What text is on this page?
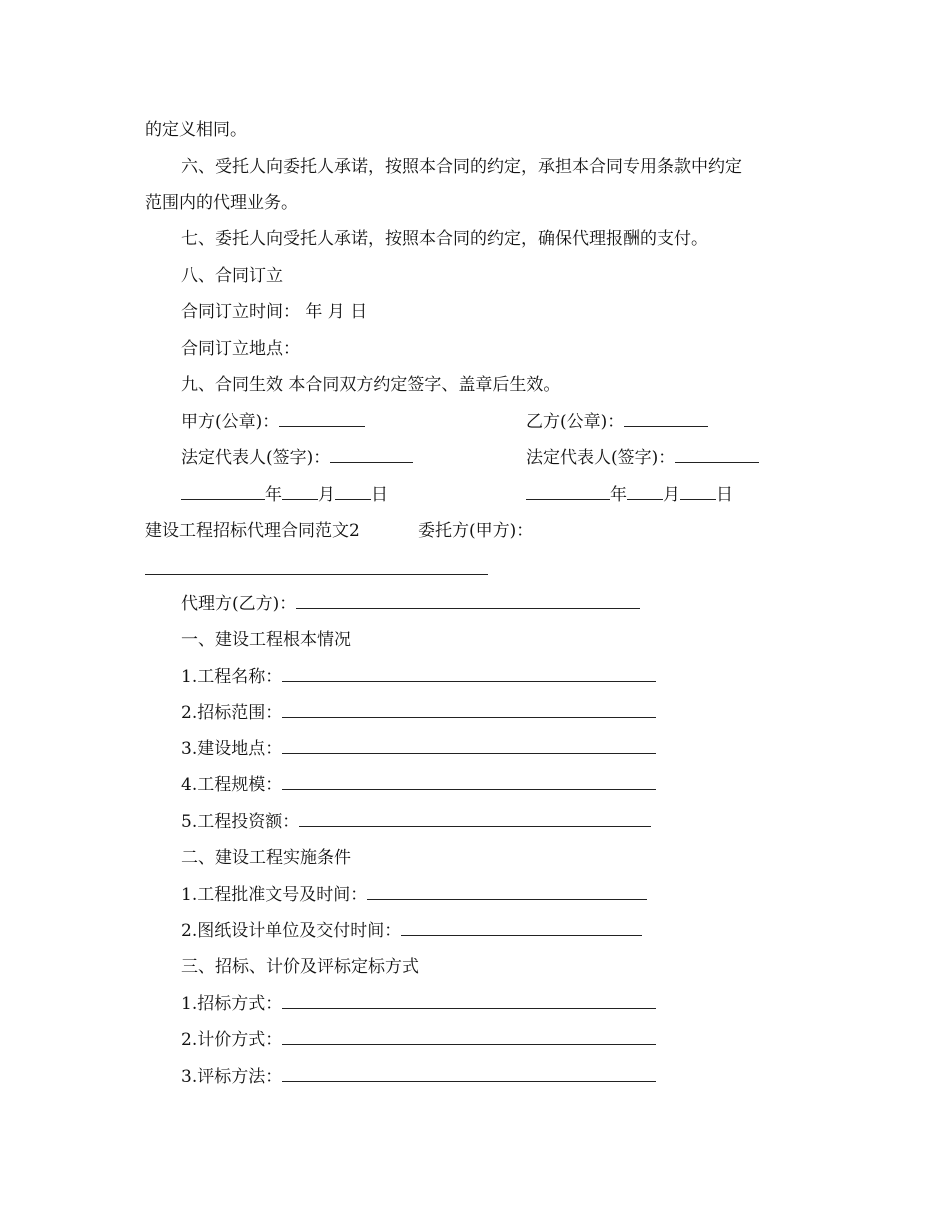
的定义相同。
六、受托人向委托人承诺，按照本合同的约定，承担本合同专用条款中约定
范围内的代理业务。
七、委托人向受托人承诺，按照本合同的约定，确保代理报酬的支付。
八、合同订立
合同订立时间： 年 月 日
合同订立地点：
九、合同生效 本合同双方约定签字、盖章后生效。
甲方(公章)：	乙方(公章)：
法定代表人(签字)：	法定代表人(签字)：
年 月 日	年 月 日
建设工程招标代理合同范文2	委托方(甲方)：
代理方(乙方)：
一、建设工程根本情况
1.工程名称：
2.招标范围：
3.建设地点：
4.工程规模：
5.工程投资额：
二、建设工程实施条件
1.工程批准文号及时间：
2.图纸设计单位及交付时间：
三、招标、计价及评标定标方式
1.招标方式：
2.计价方式：
3.评标方法：
